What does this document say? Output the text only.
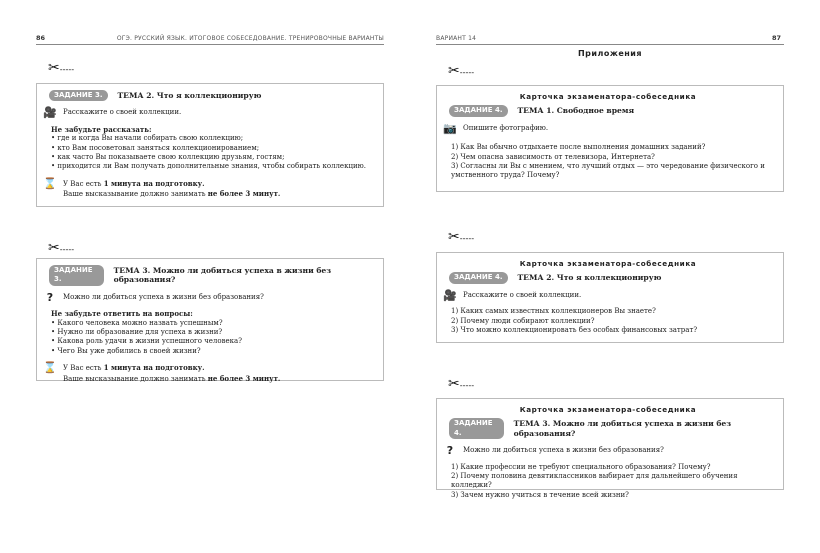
86	ОГЭ. РУССКИЙ ЯЗЫК. ИТОГОВОЕ СОБЕСЕДОВАНИЕ. ТРЕНИРОВОЧНЫЕ ВАРИАНТЫ	ВАРИАНТ 14	87
Приложения
✂-----
✂-----
✂-----
✂-----
✂-----
ЗАДАНИЕ 3.	ТЕМА 2. Что я коллекционирую
🎥 Расскажите о своей коллекции.
Не забудьте рассказать:
• где и когда Вы начали собирать свою коллекцию;
• кто Вам посоветовал заняться коллекционированием;
• как часто Вы показываете свою коллекцию друзьям, гостям;
• приходится ли Вам получать дополнительные знания, чтобы собирать коллекцию.
⌛ У Вас есть 1 минута на подготовку.
Ваше высказывание должно занимать не более 3 минут.
ЗАДАНИЕ 3.
ТЕМА 3. Можно ли добиться успеха в жизни без образования?
?	Можно ли добиться успеха в жизни без образования?
Не забудьте ответить на вопросы:
• Какого человека можно назвать успешным?
• Нужно ли образование для успеха в жизни?
• Какова роль удачи в жизни успешного человека?
• Чего Вы уже добились в своей жизни?
⌛ У Вас есть 1 минута на подготовку.
Ваше высказывание должно занимать не более 3 минут.
Карточка экзаменатора-собеседника
ЗАДАНИЕ 4.	ТЕМА 1. Свободное время
📷 Опишите фотографию.
1) Как Вы обычно отдыхаете после выполнения домашних заданий?
2) Чем опасна зависимость от телевизора, Интернета?
3) Согласны ли Вы с мнением, что лучший отдых — это чередование физического и умственного труда? Почему?
Карточка экзаменатора-собеседника
ЗАДАНИЕ 4.	ТЕМА 2. Что я коллекционирую
🎥 Расскажите о своей коллекции.
1) Каких самых известных коллекционеров Вы знаете?
2) Почему люди собирают коллекции?
3) Что можно коллекционировать без особых финансовых затрат?
Карточка экзаменатора-собеседника
ЗАДАНИЕ 4.
ТЕМА 3. Можно ли добиться успеха в жизни без образования?
?	Можно ли добиться успеха в жизни без образования?
1) Какие профессии не требуют специального образования? Почему?
2) Почему половина девятиклассников выбирает для дальнейшего обучения колледжи?
3) Зачем нужно учиться в течение всей жизни?
